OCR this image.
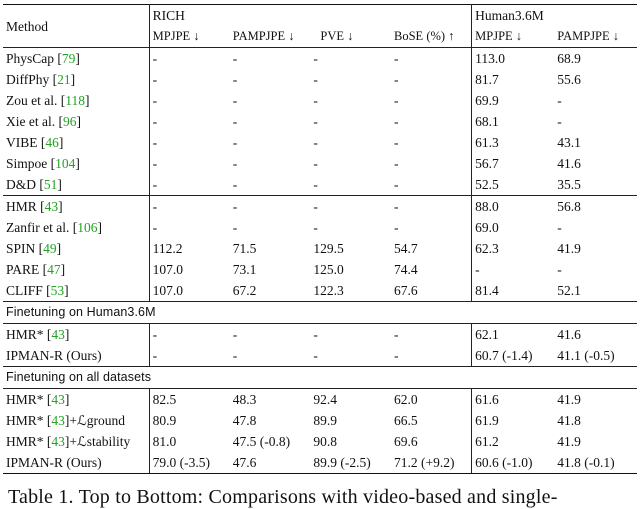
Method	RICH				Human3.6M	
	MPJPE ↓	PAMPJPE ↓	PVE ↓	BoSE (%) ↑	MPJPE ↓	PAMPJPE ↓
PhysCap [79]	-	-	-	-	113.0	68.9
DiffPhy [21]	-	-	-	-	81.7	55.6
Zou et al. [118]	-	-	-	-	69.9	-
Xie et al. [96]	-	-	-	-	68.1	-
VIBE [46]	-	-	-	-	61.3	43.1
Simpoe [104]	-	-	-	-	56.7	41.6
D&D [51]	-	-	-	-	52.5	35.5
HMR [43]	-	-	-	-	88.0	56.8
Zanfir et al. [106]	-	-	-	-	69.0	-
SPIN [49]	112.2	71.5	129.5	54.7	62.3	41.9
PARE [47]	107.0	73.1	125.0	74.4	-	-
CLIFF [53]	107.0	67.2	122.3	67.6	81.4	52.1
Finetuning on Human3.6M						
HMR* [43]	-	-	-	-	62.1	41.6
IPMAN-R (Ours)	-	-	-	-	60.7 (-1.4)	41.1 (-0.5)
Finetuning on all datasets						
HMR* [43]	82.5	48.3	92.4	62.0	61.6	41.9
HMR* [43]+ℒground	80.9	47.8	89.9	66.5	61.9	41.8
HMR* [43]+ℒstability	81.0	47.5 (-0.8)	90.8	69.6	61.2	41.9
IPMAN-R (Ours)	79.0 (-3.5)	47.6	89.9 (-2.5)	71.2 (+9.2)	60.6 (-1.0)	41.8 (-0.1)
Table 1. Top to Bottom: Comparisons with video-based and single-
